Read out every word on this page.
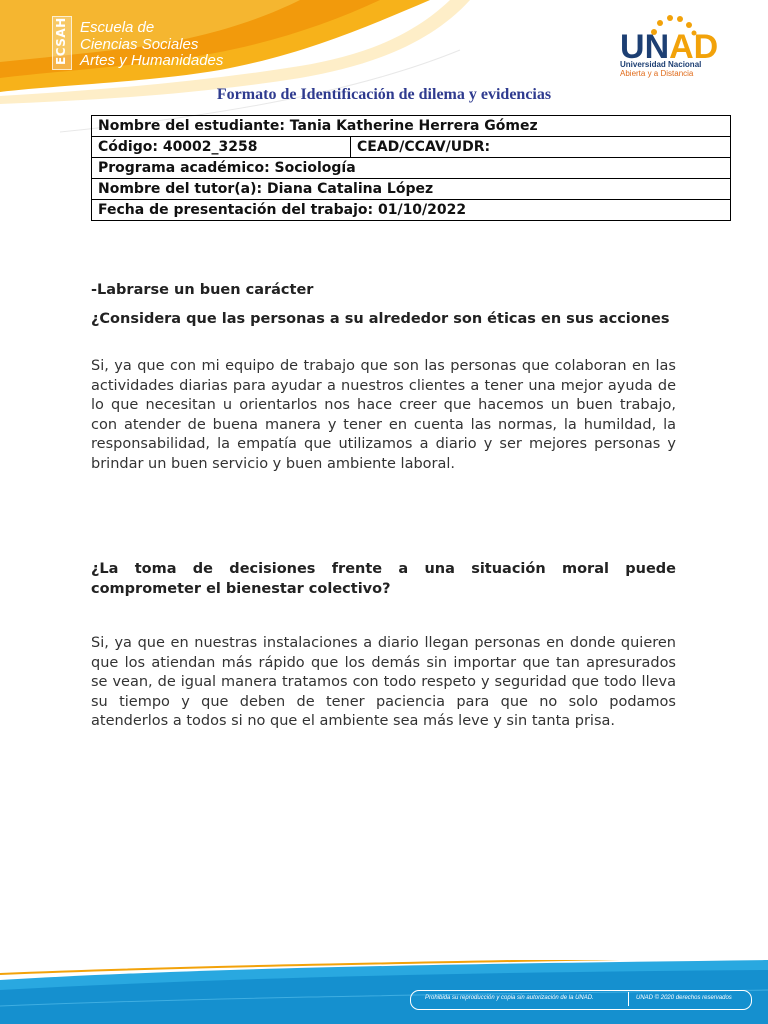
ECSAH Escuela de
Ciencias Sociales
Artes y Humanidades	UNAD
Universidad Nacional
Abierta y a Distancia
Formato de Identificación de dilema y evidencias
Nombre del estudiante: Tania Katherine Herrera Gómez
Código: 40002_3258	CEAD/CCAV/UDR:
Programa académico: Sociología
Nombre del tutor(a): Diana Catalina López
Fecha de presentación del trabajo: 01/10/2022

-Labrarse un buen carácter

¿Considera que las personas a su alrededor son éticas en sus acciones

Si, ya que con mi equipo de trabajo que son las personas que colaboran en las actividades diarias para ayudar a nuestros clientes a tener una mejor ayuda de lo que necesitan u orientarlos nos hace creer que hacemos un buen trabajo, con atender de buena manera y tener en cuenta las normas, la humildad, la responsabilidad, la empatía que utilizamos a diario y ser mejores personas y brindar un buen servicio y buen ambiente laboral.

¿La toma de decisiones frente a una situación moral puede comprometer el bienestar colectivo?

Si, ya que en nuestras instalaciones a diario llegan personas en donde quieren que los atiendan más rápido que los demás sin importar que tan apresurados se vean, de igual manera tratamos con todo respeto y seguridad que todo lleva su tiempo y que deben de tener paciencia para que no solo podamos atenderlos a todos si no que el ambiente sea más leve y sin tanta prisa.

Prohibida su reproducción y copia sin autorización de la UNAD.	UNAD © 2020 derechos reservados
